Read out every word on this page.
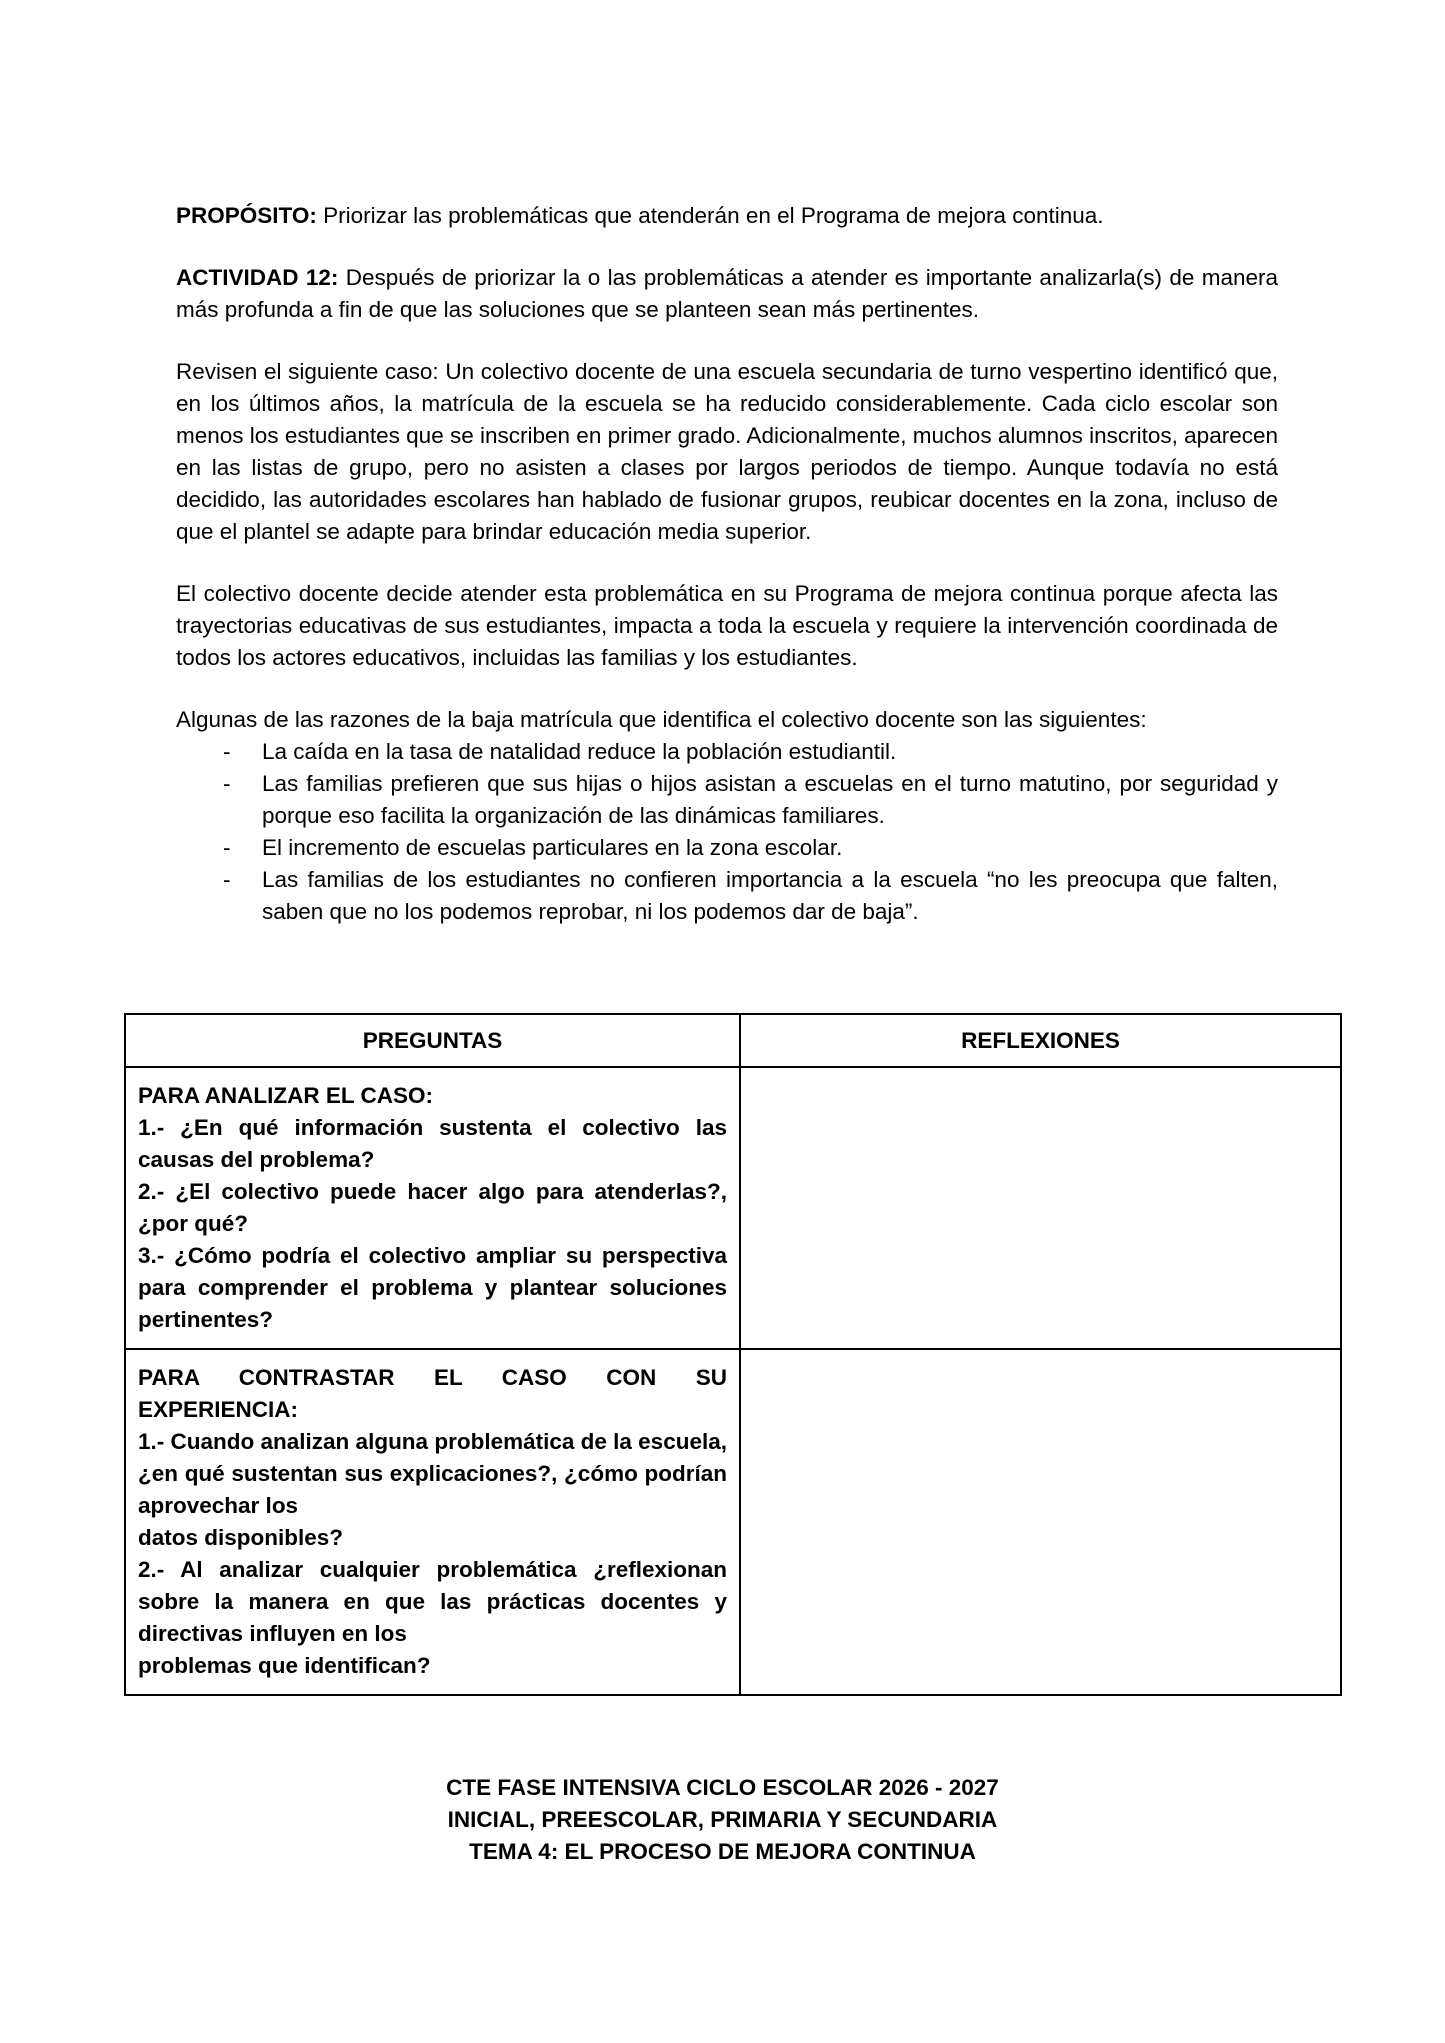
PROPÓSITO: Priorizar las problemáticas que atenderán en el Programa de mejora continua.

ACTIVIDAD 12: Después de priorizar la o las problemáticas a atender es importante analizarla(s) de manera más profunda a fin de que las soluciones que se planteen sean más pertinentes.

Revisen el siguiente caso: Un colectivo docente de una escuela secundaria de turno vespertino identificó que, en los últimos años, la matrícula de la escuela se ha reducido considerablemente. Cada ciclo escolar son menos los estudiantes que se inscriben en primer grado. Adicionalmente, muchos alumnos inscritos, aparecen en las listas de grupo, pero no asisten a clases por largos periodos de tiempo. Aunque todavía no está decidido, las autoridades escolares han hablado de fusionar grupos, reubicar docentes en la zona, incluso de que el plantel se adapte para brindar educación media superior.

El colectivo docente decide atender esta problemática en su Programa de mejora continua porque afecta las trayectorias educativas de sus estudiantes, impacta a toda la escuela y requiere la intervención coordinada de todos los actores educativos, incluidas las familias y los estudiantes.

Algunas de las razones de la baja matrícula que identifica el colectivo docente son las siguientes:
- La caída en la tasa de natalidad reduce la población estudiantil.
- Las familias prefieren que sus hijas o hijos asistan a escuelas en el turno matutino, por seguridad y porque eso facilita la organización de las dinámicas familiares.
- El incremento de escuelas particulares en la zona escolar.
- Las familias de los estudiantes no confieren importancia a la escuela “no les preocupa que falten, saben que no los podemos reprobar, ni los podemos dar de baja”.
PREGUNTAS	REFLEXIONES

PARA ANALIZAR EL CASO:
1.- ¿En qué información sustenta el colectivo las causas del problema?
2.- ¿El colectivo puede hacer algo para atenderlas?, ¿por qué?
3.- ¿Cómo podría el colectivo ampliar su perspectiva para comprender el problema y plantear soluciones pertinentes?	

PARA CONTRASTAR EL CASO CON SU EXPERIENCIA:
1.- Cuando analizan alguna problemática de la escuela, ¿en qué sustentan sus explicaciones?, ¿cómo podrían aprovechar los
datos disponibles?
2.- Al analizar cualquier problemática ¿reflexionan sobre la manera en que las prácticas docentes y directivas influyen en los
problemas que identifican?	

CTE FASE INTENSIVA CICLO ESCOLAR 2026 - 2027
INICIAL, PREESCOLAR, PRIMARIA Y SECUNDARIA
TEMA 4: EL PROCESO DE MEJORA CONTINUA
